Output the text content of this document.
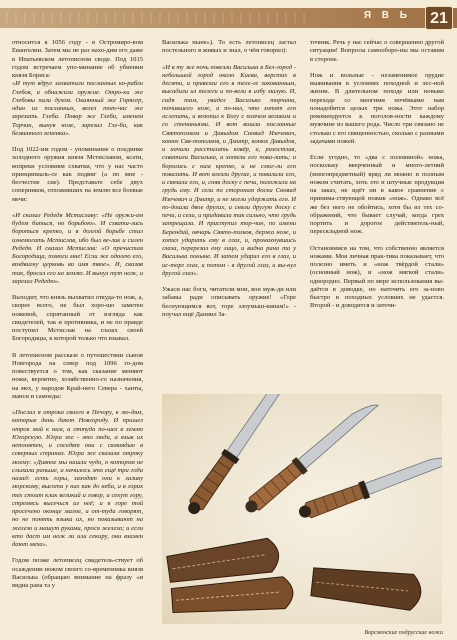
Я В Ь	21

относится к 1056 году - в Остромиро-вом Евангелии. Затем мы не раз нахо-дим его даже в Ипатьевском летописном своде. Под 1015 годом встречаем упо-минание об убиении князя Бориса:

«И тут вдруг захватили посланных ко-рабли Глебов, и обнажили оружие. Отро-ки же Глебовы пали духом. Окаянный же Горясер, один из посланных, велел тот-час же зарезать Глеба. Повар же Глеба, именем Торчин, вынув нож, зарезал Гле-ба, как безвинного ягненка».

Под 1022-им годом - упоминание о поединке холодного оружия князя Мстиславом, ксати, вопреки условиям схватки, что у нас часто принципиаль-се как подвиг (а по мне - бесчестие сие). Представьте себе двух соперников, отложивших на землю все боевые мечи:

«И сказал Редедя Мстиславу: «Не оружи-ем будем биться, но борьбою». И схвати-лись бороться крепко, и в долгой борьбе стал изнемогать Мстислав, ибо был ве-лик и силен Редедя. И сказал Мстислав: «О пречистая Богородица, помоги мне! Если же одолею его, воздвигну церковь во имя твое». И, сказав так, бросил его на землю. И вынул тут нож, и зарезал Редедю».

Выходит, что князь выхватил откуда-то нож, а, скорее всего, не был хоро-шо заметен ножевой, спрятанный от взгляда как свидетелей, так и противника, и не по правде поступил Мстислав на глазах своей Богородицы, к которой только что взывал.

В летописном рассказе о путешествии сынов Новгорода на север под 1096 го-дом повествуется о том, как сказание меняют ножи, вероятно, хозяйственно-го назначения, на мех, у народов Край-него Севера - ханты, манси и самоеды:

«Послал я отрока своего в Печору, к лю-дям, которые дань дают Новгороду. И пришел отрок мой к ним, а оттуда по-шел в землю Югорскую. Югра же - это люди, а язык их непонятен, и соседят они с самоядью в северных странах. Югра же сказала отроку моему: «Дивное мы нашли чудо, о котором не слыхали раньше, а началось это ещё три года назад: есть горы, заходят они к заливу морскому, высота у них как до неба, и в горах тех стоит клик великий и говор, и секут гору, стремясь высечься из неё; и в горе той просечено оконце малое, и от-туда говорят, но не понять языка их, но показывают на железо и машут руками, прося железа; и если кто даст им нож ли или секиру, они взамен дают меха».

Годом позже летописец свидетель-ствует об осаждении ножом своего со-временника князя Василька (обращаю внимание на фразу «и видна рана та у

Василька ныне»). То есть летописец застал постельного в живых и знал, о чём говорил):

«И в ту же ночь повезли Василька в Бел-город - небольшой город около Киева, верстах в десяти, и привезли его в теле-ге закованным, высадили из телеги и по-вели в избу малую. И, сидя там, увидел Василько торчина, точившего нож, и по-нял, что хотят его ослепить, и возопил к Богу с плачем великим и со стенаньями. И вот вошли посланные Святополком и Давыдом Сновид Изечевич, конюх Свя-тополков, и Дмитр, конюх Давыдов, и начали расстилать ковёр, и, разостлав, схватили Василька, и хотели его пова-лить; и боролись с ним крепко, и не смог-ли его повалить. И вот влезли другие, и повалили его, и связали его, и, сняв доску с печи, положили на грудь ему. И сели по сторонам доски Сновид Изечевич и Дмитр, и не могли удержать его. И по-дошли двое других, и сняли другую доску с печи, и сели, и придавили так сильно, что грудь затрещала. И приступил тор-чин, по имени Берендий, овчарь Свято-полков, держа нож, и хотел ударить ему в глаз, и, промахнувшись глаза, перерезал ему лицо, и видна рана та у Василька поныне. И затем ударил его в глаз, и ис-торг глаз, и потом - в другой глаз, и вы-нул другой глаз».

Ужаси нас боги, читатели мои, вон муж-ди или забавы ради описывать оружие! «Горе беснующимся вот, горе злоумыш-кинам!» - поучал ещё Даниил За-

точник. Речь у нас сейчас о совершенно другой ситуации! Вопросы самооборо-ны мы оставим в стороне.

Нож и вольные - незаменимое орудие выживания в условиях походной и лес-ной жизни. В длительном походе или новыке переходе со многими ночёвками нам понадобятся целых три ножа. Этот набор рекомендуется к поголов-ности каждому мужчине из вашего рода. Число три связано не столько с его священностью, сколько с разными задачами ножей.

Если угодно, то «два с половиной» ножа, поскольку вверченный и много-летний (многопредметный) вряд ли можно и полным ножом считать, хоть это и штучные продукция на заказ, не идёт ни в какое сравнение с принима-ствующей ножик «нож». Однако всё же без него не обойтись, хотя бы из тех со-ображений, что бывает случай, когда грех портить и дорогое действитель-ный, перескладной нож.

Остановимся на том, что собственно является ножами. Моя личная прак-тика показывает, что полезно иметь и «нож твёрдой стали» (основный нож), и «нож мягкой стали» однородно. Первый по мере использования вы-даётся в доводке, но наточить его за-ново быстро в походных условиях не удастся. Второй - и доводится и заточи-

Ворсменские подрусские ножи
